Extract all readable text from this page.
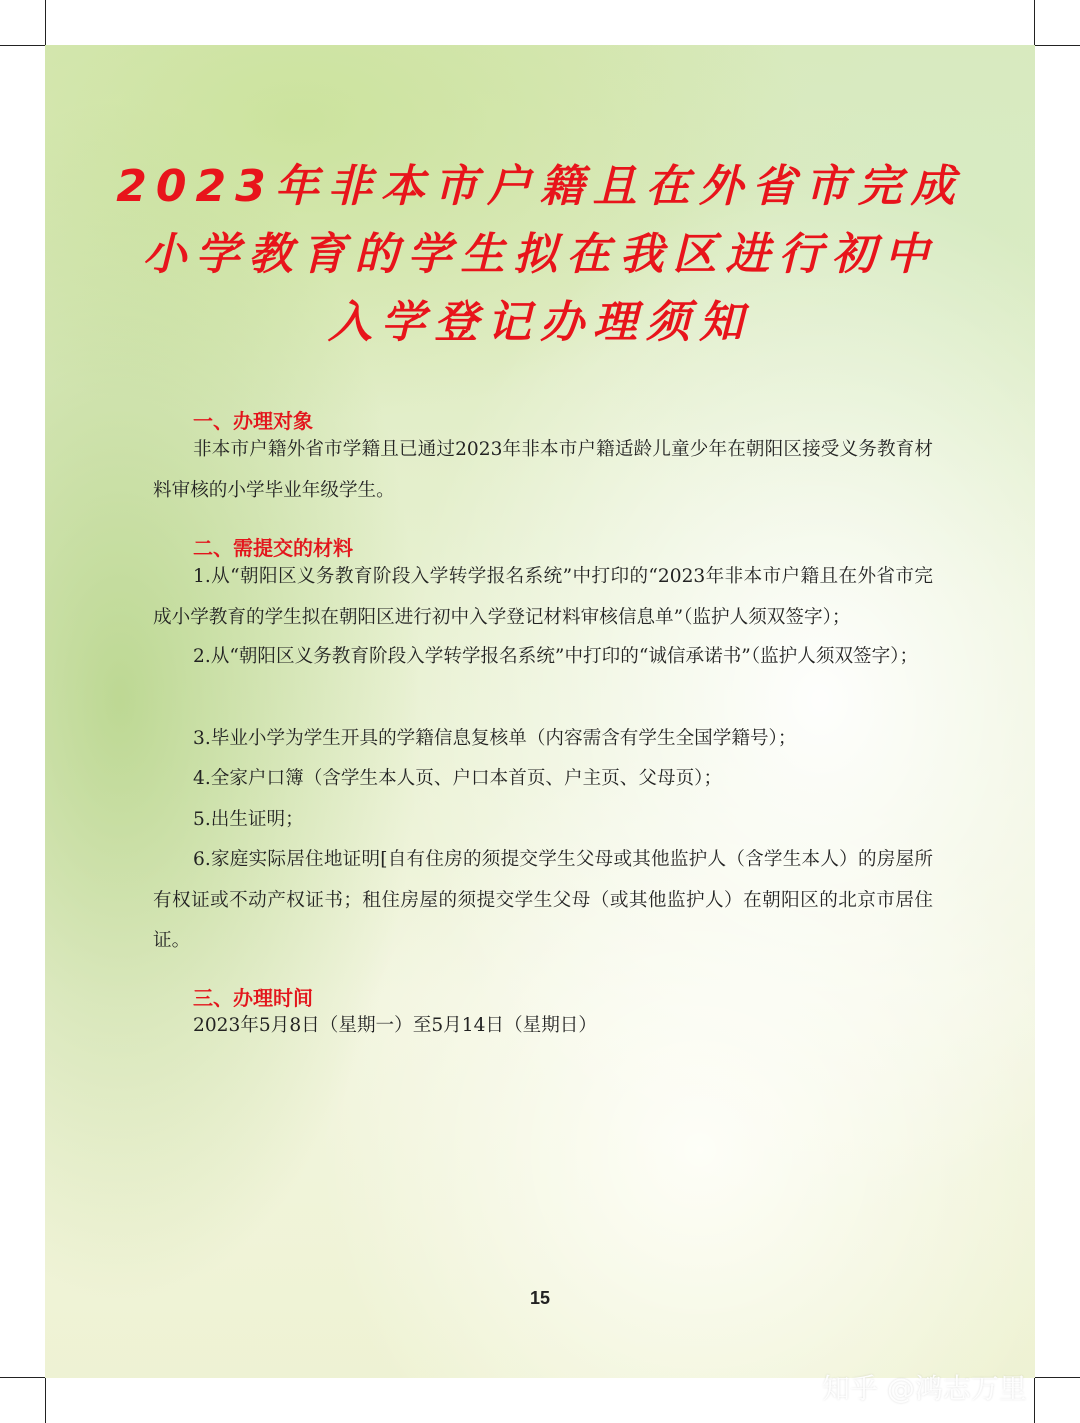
2023年非本市户籍且在外省市完成
小学教育的学生拟在我区进行初中
入学登记办理须知
一、办理对象
非本市户籍外省市学籍且已通过2023年非本市户籍适龄儿童少年在朝阳区接受义务教育材料审核的小学毕业年级学生。
二、需提交的材料
1.从“朝阳区义务教育阶段入学转学报名系统”中打印的“2023年非本市户籍且在外省市完成小学教育的学生拟在朝阳区进行初中入学登记材料审核信息单”（监护人须双签字）；
2.从“朝阳区义务教育阶段入学转学报名系统”中打印的“诚信承诺书”（监护人须双签字）；
3.毕业小学为学生开具的学籍信息复核单（内容需含有学生全国学籍号）；
4.全家户口簿（含学生本人页、户口本首页、户主页、父母页）；
5.出生证明；
6.家庭实际居住地证明[自有住房的须提交学生父母或其他监护人（含学生本人）的房屋所有权证或不动产权证书；租住房屋的须提交学生父母（或其他监护人）在朝阳区的北京市居住证。
三、办理时间
2023年5月8日（星期一）至5月14日（星期日）
15
知乎 @鸿志万里
